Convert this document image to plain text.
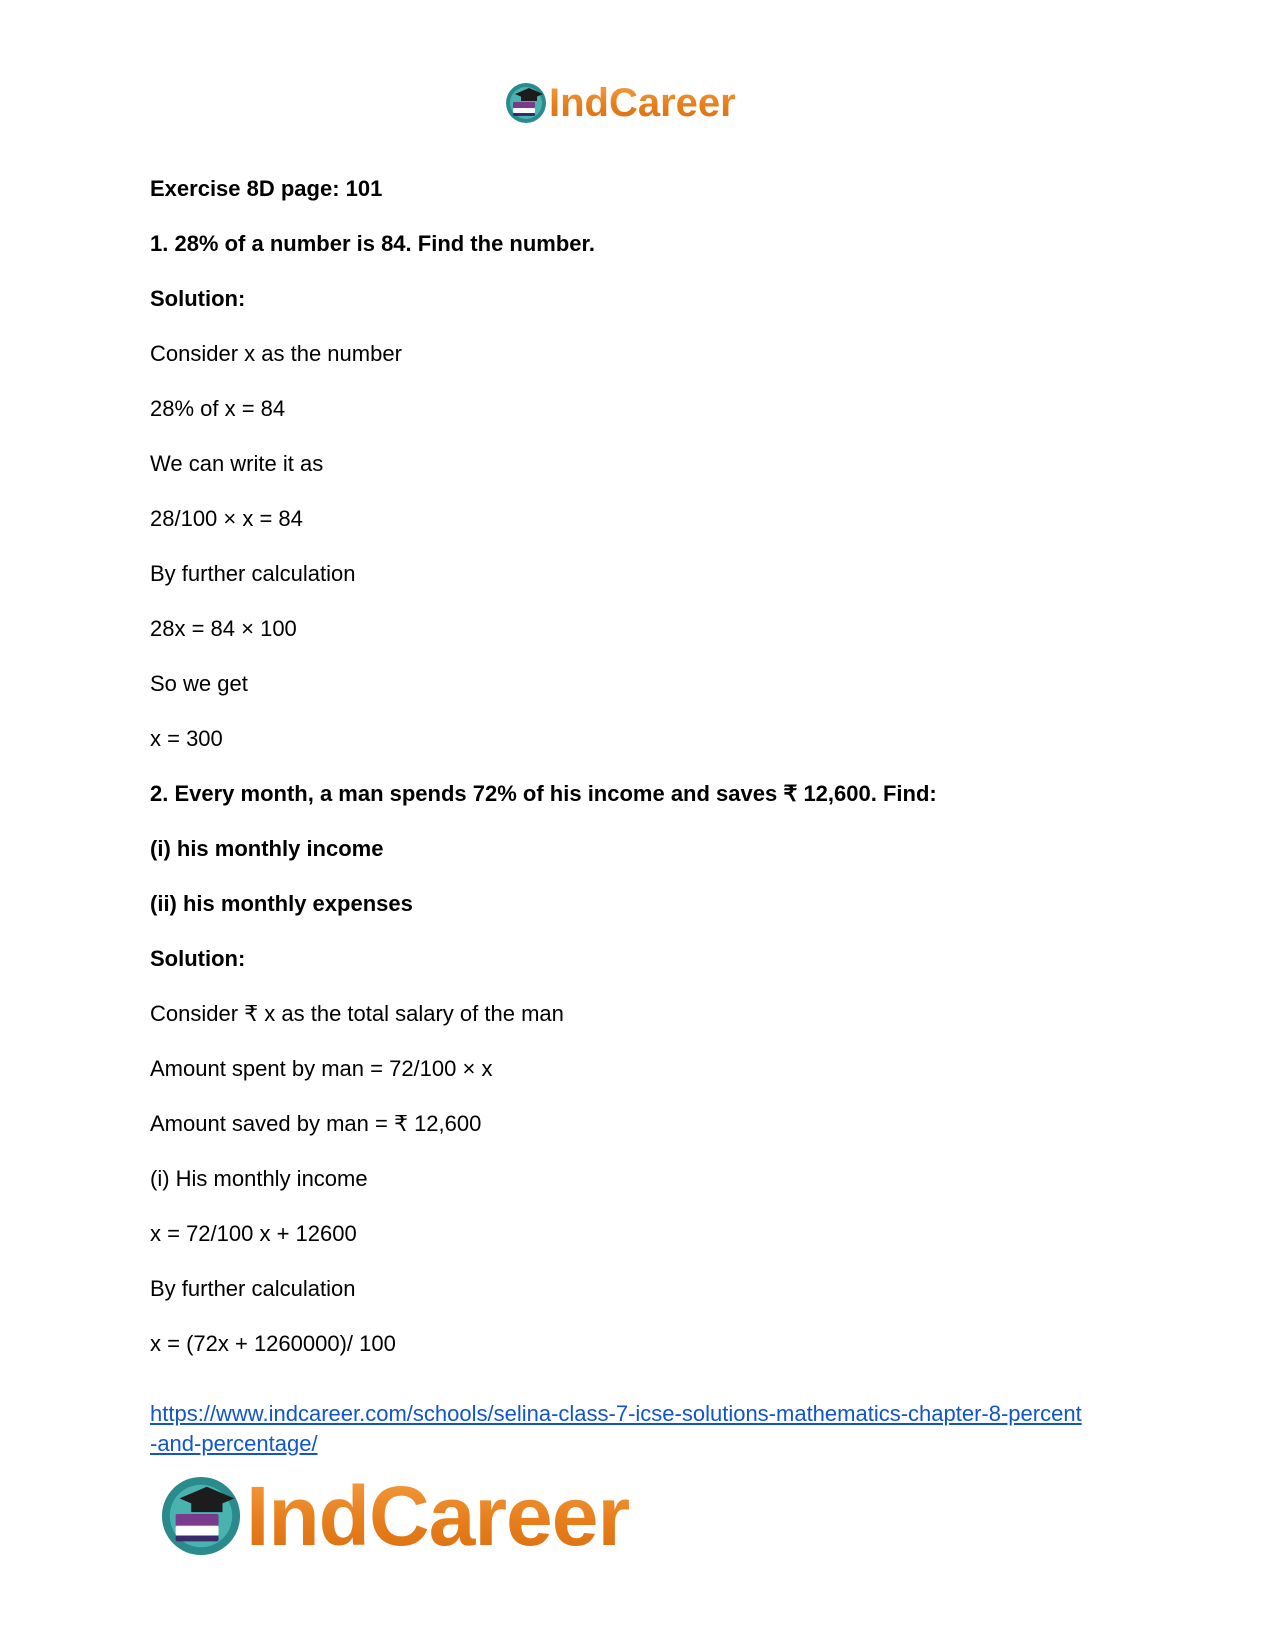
IndCareer

Exercise 8D page: 101

1. 28% of a number is 84. Find the number.

Solution:

Consider x as the number

28% of x = 84

We can write it as

28/100 × x = 84

By further calculation

28x = 84 × 100

So we get

x = 300

2. Every month, a man spends 72% of his income and saves ₹ 12,600. Find:

(i) his monthly income

(ii) his monthly expenses

Solution:

Consider ₹ x as the total salary of the man

Amount spent by man = 72/100 × x

Amount saved by man = ₹ 12,600

(i) His monthly income

x = 72/100 x + 12600

By further calculation

x = (72x + 1260000)/ 100

https://www.indcareer.com/schools/selina-class-7-icse-solutions-mathematics-chapter-8-percent
-and-percentage/
IndCareer
